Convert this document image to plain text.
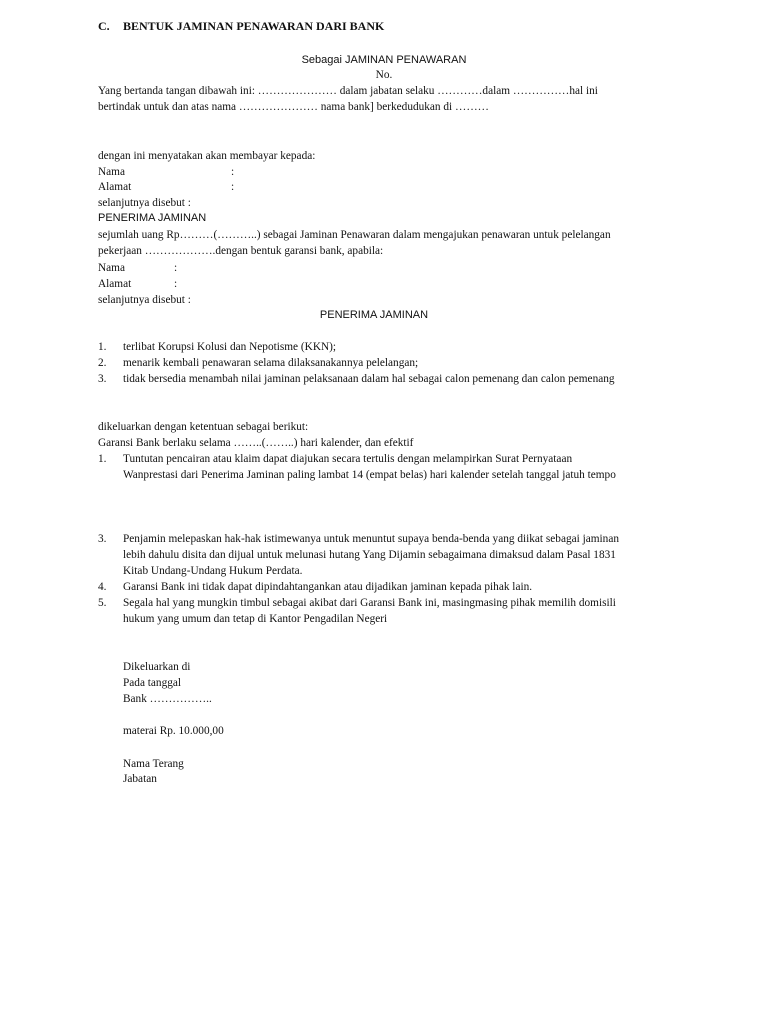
C. BENTUK JAMINAN PENAWARAN DARI BANK
Sebagai JAMINAN PENAWARAN
No.
Yang bertanda tangan dibawah ini: ………………… dalam jabatan selaku …………dalam ……………hal ini
bertindak untuk dan atas nama ………………… nama bank] berkedudukan di ………
dengan ini menyatakan akan membayar kepada:
Nama	:
Alamat	:
selanjutnya disebut :
PENERIMA JAMINAN
sejumlah uang Rp………(………..) sebagai Jaminan Penawaran dalam mengajukan penawaran untuk pelelangan
pekerjaan ……………….dengan bentuk garansi bank, apabila:
Nama	:
Alamat	:
selanjutnya disebut :
PENERIMA JAMINAN
1. terlibat Korupsi Kolusi dan Nepotisme (KKN);
2. menarik kembali penawaran selama dilaksanakannya pelelangan;
3. tidak bersedia menambah nilai jaminan pelaksanaan dalam hal sebagai calon pemenang dan calon pemenang
dikeluarkan dengan ketentuan sebagai berikut:
Garansi Bank berlaku selama ……..(……..) hari kalender, dan efektif
1. Tuntutan pencairan atau klaim dapat diajukan secara tertulis dengan melampirkan Surat Pernyataan
Wanprestasi dari Penerima Jaminan paling lambat 14 (empat belas) hari kalender setelah tanggal jatuh tempo
3. Penjamin melepaskan hak-hak istimewanya untuk menuntut supaya benda-benda yang diikat sebagai jaminan
lebih dahulu disita dan dijual untuk melunasi hutang Yang Dijamin sebagaimana dimaksud dalam Pasal 1831
Kitab Undang-Undang Hukum Perdata.
4. Garansi Bank ini tidak dapat dipindahtangankan atau dijadikan jaminan kepada pihak lain.
5. Segala hal yang mungkin timbul sebagai akibat dari Garansi Bank ini, masingmasing pihak memilih domisili
hukum yang umum dan tetap di Kantor Pengadilan Negeri
Dikeluarkan di
Pada tanggal
Bank ……………..
materai Rp. 10.000,00
Nama Terang
Jabatan
